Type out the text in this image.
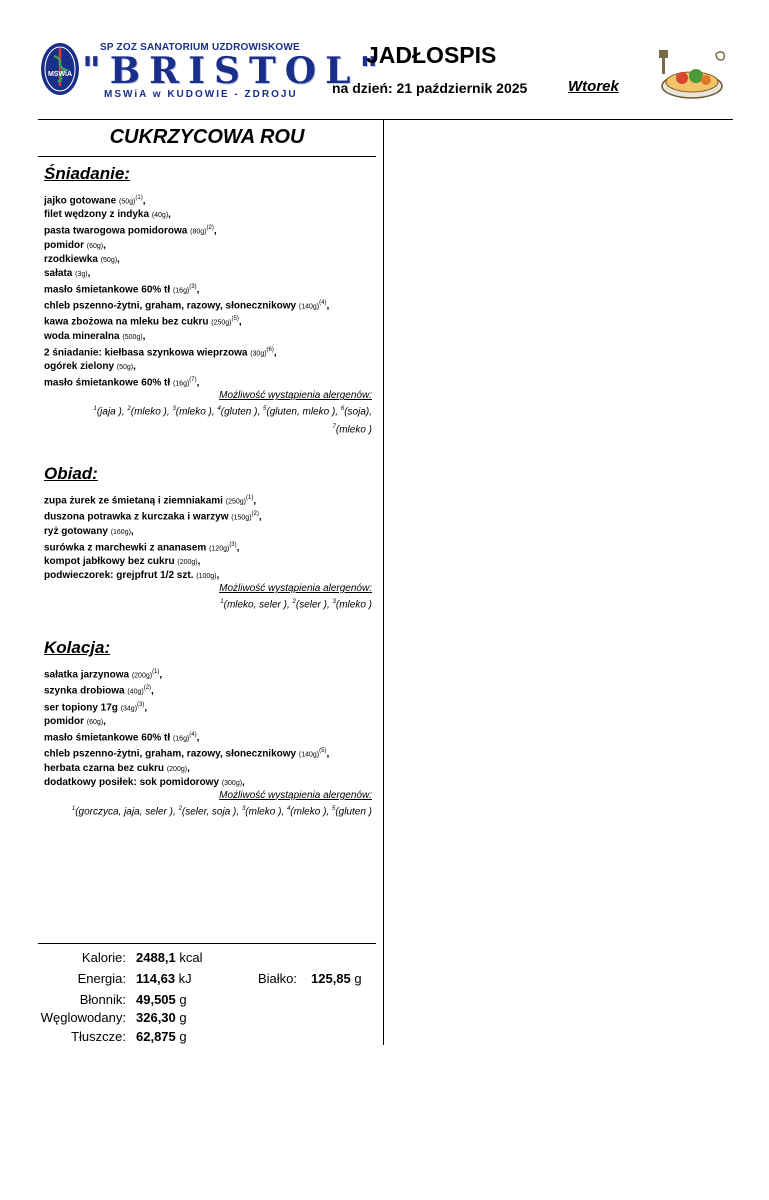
MSWiA
SP ZOZ SANATORIUM UZDROWISKOWE
"BRISTOL"
MSWiA w KUDOWIE - ZDROJU
JADŁOSPIS
na dzień: 21 październik 2025	Wtorek
CUKRZYCOWA ROU
Śniadanie:
jajko gotowane $(50g)^{(1)}$,
filet wędzony z indyka (40g),
pasta twarogowa pomidorowa $(80g)^{(2)}$,
pomidor (60g),
rzodkiewka (50g),
sałata (3g),
masło śmietankowe 60% tł $(16g)^{(3)}$,
chleb pszenno-żytni, graham, razowy, słonecznikowy $(140g)^{(4)}$,
kawa zbożowa na mleku bez cukru $(250g)^{(5)}$,
woda mineralna (500g),
2 śniadanie: kiełbasa szynkowa wieprzowa $(30g)^{(6)}$,
ogórek zielony (50g),
masło śmietankowe 60% tł $(16g)^{(7)}$,
Możliwość wystąpienia alergenów:
$^1$(jaja ), $^2$(mleko ), $^3$(mleko ), $^4$(gluten ), $^5$(gluten, mleko ), $^6$(soja),
$^7$(mleko )
Obiad:
zupa żurek ze śmietaną i ziemniakami $(250g)^{(1)}$,
duszona potrawka z kurczaka i warzyw $(150g)^{(2)}$,
ryż gotowany (160g),
surówka z marchewki z ananasem $(120g)^{(3)}$,
kompot jabłkowy bez cukru (200g),
podwieczorek: grejpfrut 1/2 szt. (100g),
Możliwość wystąpienia alergenów:
$^1$(mleko, seler ), $^2$(seler ), $^3$(mleko )
Kolacja:
sałatka jarzynowa $(200g)^{(1)}$,
szynka drobiowa $(40g)^{(2)}$,
ser topiony 17g $(34g)^{(3)}$,
pomidor (60g),
masło śmietankowe 60% tł $(16g)^{(4)}$,
chleb pszenno-żytni, graham, razowy, słonecznikowy $(140g)^{(5)}$,
herbata czarna bez cukru (200g),
dodatkowy posiłek: sok pomidorowy (300g),
Możliwość wystąpienia alergenów:
$^1$(gorczyca, jaja, seler ), $^2$(seler, soja ), $^3$(mleko ), $^4$(mleko ), $^5$(gluten )
Kalorie: 2488,1 kcal
Energia: 114,63 kJ
Błonnik: 49,505 g
Węglowodany: 326,30 g
Tłuszcze: 62,875 g
Białko: 125,85 g
